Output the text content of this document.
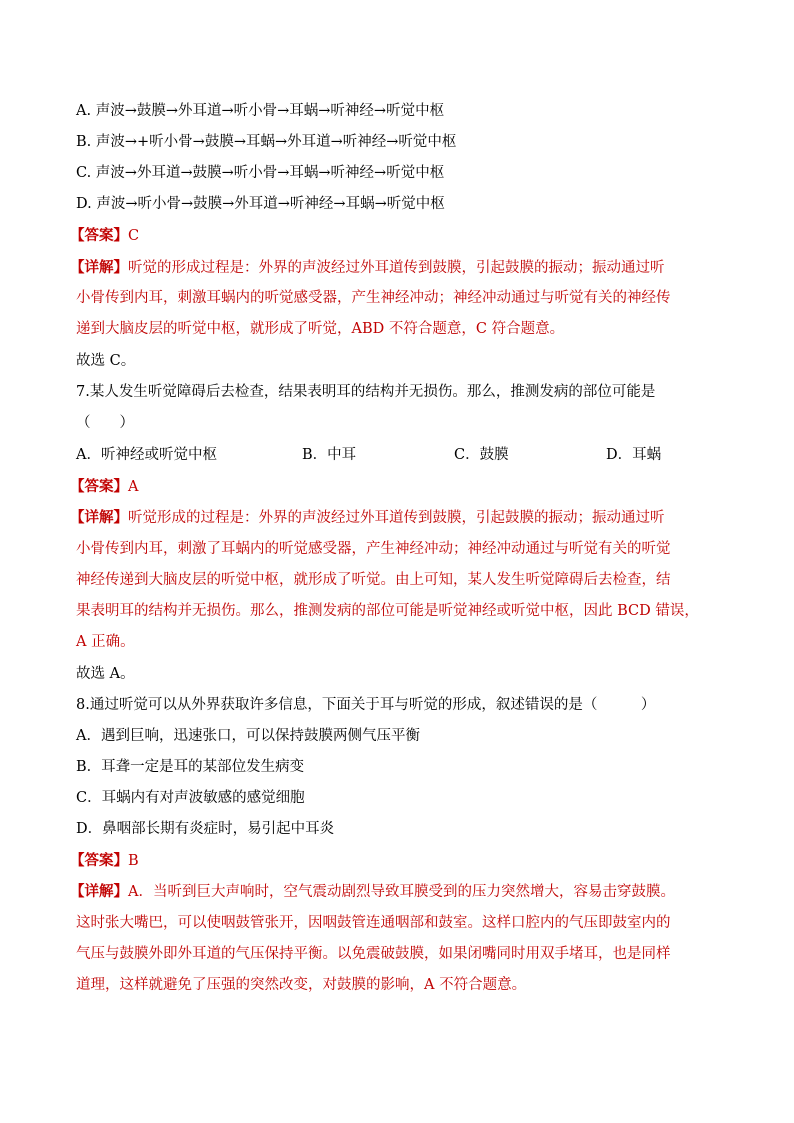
A. 声波→鼓膜→外耳道→听小骨→耳蜗→听神经→听觉中枢
B. 声波→+听小骨→鼓膜→耳蜗→外耳道→听神经→听觉中枢
C. 声波→外耳道→鼓膜→听小骨→耳蜗→听神经→听觉中枢
D. 声波→听小骨→鼓膜→外耳道→听神经→耳蜗→听觉中枢
【答案】C
【详解】听觉的形成过程是：外界的声波经过外耳道传到鼓膜，引起鼓膜的振动；振动通过听
小骨传到内耳，刺激耳蜗内的听觉感受器，产生神经冲动；神经冲动通过与听觉有关的神经传
递到大脑皮层的听觉中枢，就形成了听觉，ABD 不符合题意，C 符合题意。
故选 C。
7.某人发生听觉障碍后去检查，结果表明耳的结构并无损伤。那么，推测发病的部位可能是
（　　）
A．听神经或听觉中枢	B．中耳	C．鼓膜	D．耳蜗
【答案】A
【详解】听觉形成的过程是：外界的声波经过外耳道传到鼓膜，引起鼓膜的振动；振动通过听
小骨传到内耳，刺激了耳蜗内的听觉感受器，产生神经冲动；神经冲动通过与听觉有关的听觉
神经传递到大脑皮层的听觉中枢，就形成了听觉。由上可知，某人发生听觉障碍后去检查，结
果表明耳的结构并无损伤。那么，推测发病的部位可能是听觉神经或听觉中枢，因此 BCD 错误，
A 正确。
故选 A。
8.通过听觉可以从外界获取许多信息，下面关于耳与听觉的形成，叙述错误的是（　　　）
A．遇到巨响，迅速张口，可以保持鼓膜两侧气压平衡
B．耳聋一定是耳的某部位发生病变
C．耳蜗内有对声波敏感的感觉细胞
D．鼻咽部长期有炎症时，易引起中耳炎
【答案】B
【详解】A．当听到巨大声响时，空气震动剧烈导致耳膜受到的压力突然增大，容易击穿鼓膜。
这时张大嘴巴，可以使咽鼓管张开，因咽鼓管连通咽部和鼓室。这样口腔内的气压即鼓室内的
气压与鼓膜外即外耳道的气压保持平衡。以免震破鼓膜，如果闭嘴同时用双手堵耳，也是同样
道理，这样就避免了压强的突然改变，对鼓膜的影响，A 不符合题意。
